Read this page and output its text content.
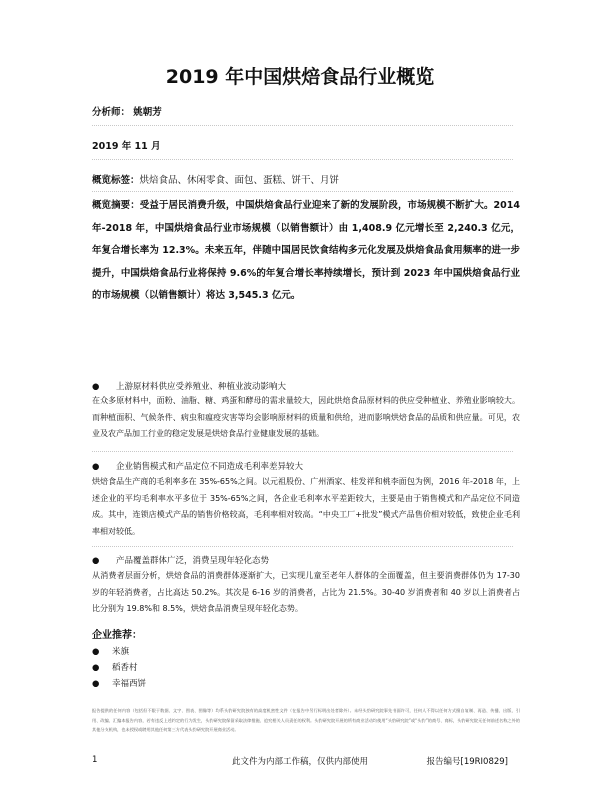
2019 年中国烘焙食品行业概览
分析师： 姚朝芳
2019 年 11 月
概览标签：烘焙食品、休闲零食、面包、蛋糕、饼干、月饼
概览摘要：受益于居民消费升级，中国烘焙食品行业迎来了新的发展阶段，市场规模不断扩大。2014 年-2018 年，中国烘焙食品行业市场规模（以销售额计）由 1,408.9 亿元增长至 2,240.3 亿元，年复合增长率为 12.3%。未来五年，伴随中国居民饮食结构多元化发展及烘焙食品食用频率的进一步提升，中国烘焙食品行业将保持 9.6%的年复合增长率持续增长，预计到 2023 年中国烘焙食品行业的市场规模（以销售额计）将达 3,545.3 亿元。
● 上游原材料供应受养殖业、种植业波动影响大
在众多原材料中，面粉、油脂、糖、鸡蛋和酵母的需求量较大，因此烘焙食品原材料的供应受种植业、养殖业影响较大。而种植面积、气候条件、病虫和瘟疫灾害等均会影响原材料的质量和供给，进而影响烘焙食品的品质和供应量。可见，农业及农产品加工行业的稳定发展是烘焙食品行业健康发展的基础。
● 企业销售模式和产品定位不同造成毛利率差异较大
烘焙食品生产商的毛利率多在 35%-65%之间。以元祖股份、广州酒家、桂发祥和桃李面包为例，2016 年-2018 年，上述企业的平均毛利率水平多位于 35%-65%之间，各企业毛利率水平差距较大，主要是由于销售模式和产品定位不同造成。其中，连锁店模式产品的销售价格较高，毛利率相对较高。“中央工厂+批发”模式产品售价相对较低，致使企业毛利率相对较低。
● 产品覆盖群体广泛，消费呈现年轻化态势
从消费者层面分析，烘焙食品的消费群体逐渐扩大，已实现儿童至老年人群体的全面覆盖，但主要消费群体仍为 17-30 岁的年轻消费者，占比高达 50.2%。其次是 6-16 岁的消费者，占比为 21.5%。30-40 岁消费者和 40 岁以上消费者占比分别为 19.8%和 8.5%，烘焙食品消费呈现年轻化态势。
企业推荐：
● 米旗
● 稻香村
● 幸福西饼
报告提供的任何内容（包括但不限于数据、文字、图表、图像等）均系头豹研究院独有的高度机密性文件（在报告中另行标明出处者除外）。未经头豹研究院事先书面许可，任何人不得以任何方式擅自复制、再造、传播、出版、引用、改编、汇编本报告内容，若有违反上述约定的行为发生，头豹研究院保留采取法律措施、追究相关人员责任的权利。头豹研究院开展的所有商业活动均使用“头豹研究院”或“头豹”的商号、商标，头豹研究院无任何前述名称之外的其他分支机构，也未授权或聘用其他任何第三方代表头豹研究院开展商业活动。
1	此文件为内部工作稿，仅供内部使用	报告编号[19RI0829]
